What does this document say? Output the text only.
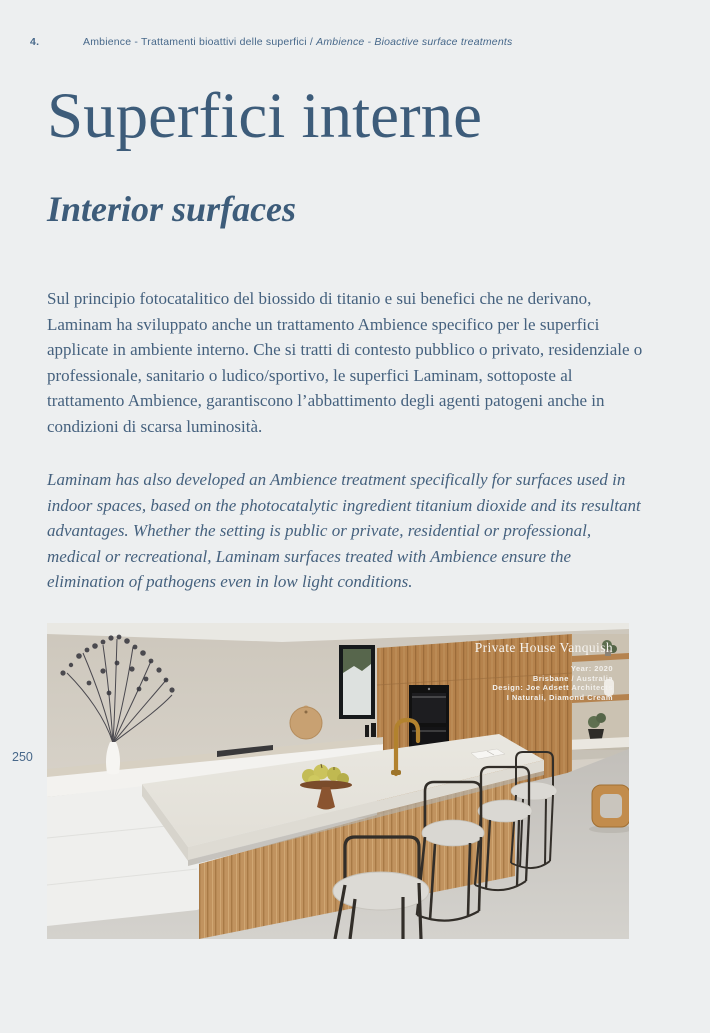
4.	Ambience - Trattamenti bioattivi delle superfici / Ambience - Bioactive surface treatments
Superfici interne
Interior surfaces
Sul principio fotocatalitico del biossido di titanio e sui benefici che ne derivano, Laminam ha sviluppato anche un trattamento Ambience specifico per le superfici applicate in ambiente interno. Che si tratti di contesto pubblico o privato, residenziale o professionale, sanitario o ludico/sportivo, le superfici Laminam, sottoposte al trattamento Ambience, garantiscono l’abbattimento degli agenti patogeni anche in condizioni di scarsa luminosità.
Laminam has also developed an Ambience treatment specifically for surfaces used in indoor spaces, based on the photocatalytic ingredient titanium dioxide and its resultant advantages. Whether the setting is public or private, residential or professional, medical or recreational, Laminam surfaces treated with Ambience ensure the elimination of pathogens even in low light conditions.
250
Private House Vanquish
Year: 2020
Brisbane / Australia
Design: Joe Adsett Architects
I Naturali, Diamond Cream
